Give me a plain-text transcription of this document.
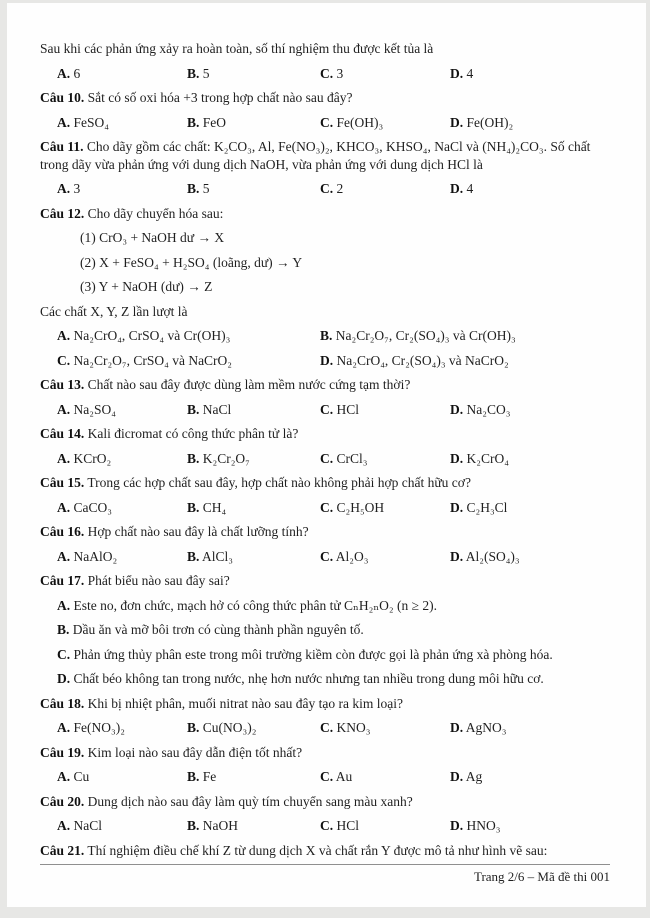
Sau khi các phản ứng xảy ra hoàn toàn, số thí nghiệm thu được kết tủa là

A. 6	B. 5	C. 3	D. 4

Câu 10. Sắt có số oxi hóa +3 trong hợp chất nào sau đây?

A. FeSO₄	B. FeO	C. Fe(OH)₃	D. Fe(OH)₂

Câu 11. Cho dãy gồm các chất: K₂CO₃, Al, Fe(NO₃)₂, KHCO₃, KHSO₄, NaCl và (NH₄)₂CO₃. Số chất trong dãy vừa phản ứng với dung dịch NaOH, vừa phản ứng với dung dịch HCl là

A. 3	B. 5	C. 2	D. 4

Câu 12. Cho dãy chuyển hóa sau:

(1) CrO₃ + NaOH dư → X

(2) X + FeSO₄ + H₂SO₄ (loãng, dư) → Y

(3) Y + NaOH (dư) → Z

Các chất X, Y, Z lần lượt là

A. Na₂CrO₄, CrSO₄ và Cr(OH)₃	B. Na₂Cr₂O₇, Cr₂(SO₄)₃ và Cr(OH)₃
C. Na₂Cr₂O₇, CrSO₄ và NaCrO₂	D. Na₂CrO₄, Cr₂(SO₄)₃ và NaCrO₂

Câu 13. Chất nào sau đây được dùng làm mềm nước cứng tạm thời?

A. Na₂SO₄	B. NaCl	C. HCl	D. Na₂CO₃

Câu 14. Kali đicromat có công thức phân tử là?

A. KCrO₂	B. K₂Cr₂O₇	C. CrCl₃	D. K₂CrO₄

Câu 15. Trong các hợp chất sau đây, hợp chất nào không phải hợp chất hữu cơ?

A. CaCO₃	B. CH₄	C. C₂H₅OH	D. C₂H₃Cl

Câu 16. Hợp chất nào sau đây là chất lưỡng tính?

A. NaAlO₂	B. AlCl₃	C. Al₂O₃	D. Al₂(SO₄)₃

Câu 17. Phát biểu nào sau đây sai?

A. Este no, đơn chức, mạch hở có công thức phân tử CₙH₂ₙO₂ (n ≥ 2).

B. Dầu ăn và mỡ bôi trơn có cùng thành phần nguyên tố.

C. Phản ứng thủy phân este trong môi trường kiềm còn được gọi là phản ứng xà phòng hóa.

D. Chất béo không tan trong nước, nhẹ hơn nước nhưng tan nhiều trong dung môi hữu cơ.

Câu 18. Khi bị nhiệt phân, muối nitrat nào sau đây tạo ra kim loại?

A. Fe(NO₃)₂	B. Cu(NO₃)₂	C. KNO₃	D. AgNO₃

Câu 19. Kim loại nào sau đây dẫn điện tốt nhất?

A. Cu	B. Fe	C. Au	D. Ag

Câu 20. Dung dịch nào sau đây làm quỳ tím chuyển sang màu xanh?

A. NaCl	B. NaOH	C. HCl	D. HNO₃

Câu 21. Thí nghiệm điều chế khí Z từ dung dịch X và chất rắn Y được mô tả như hình vẽ sau:

Trang 2/6 – Mã đề thi 001
